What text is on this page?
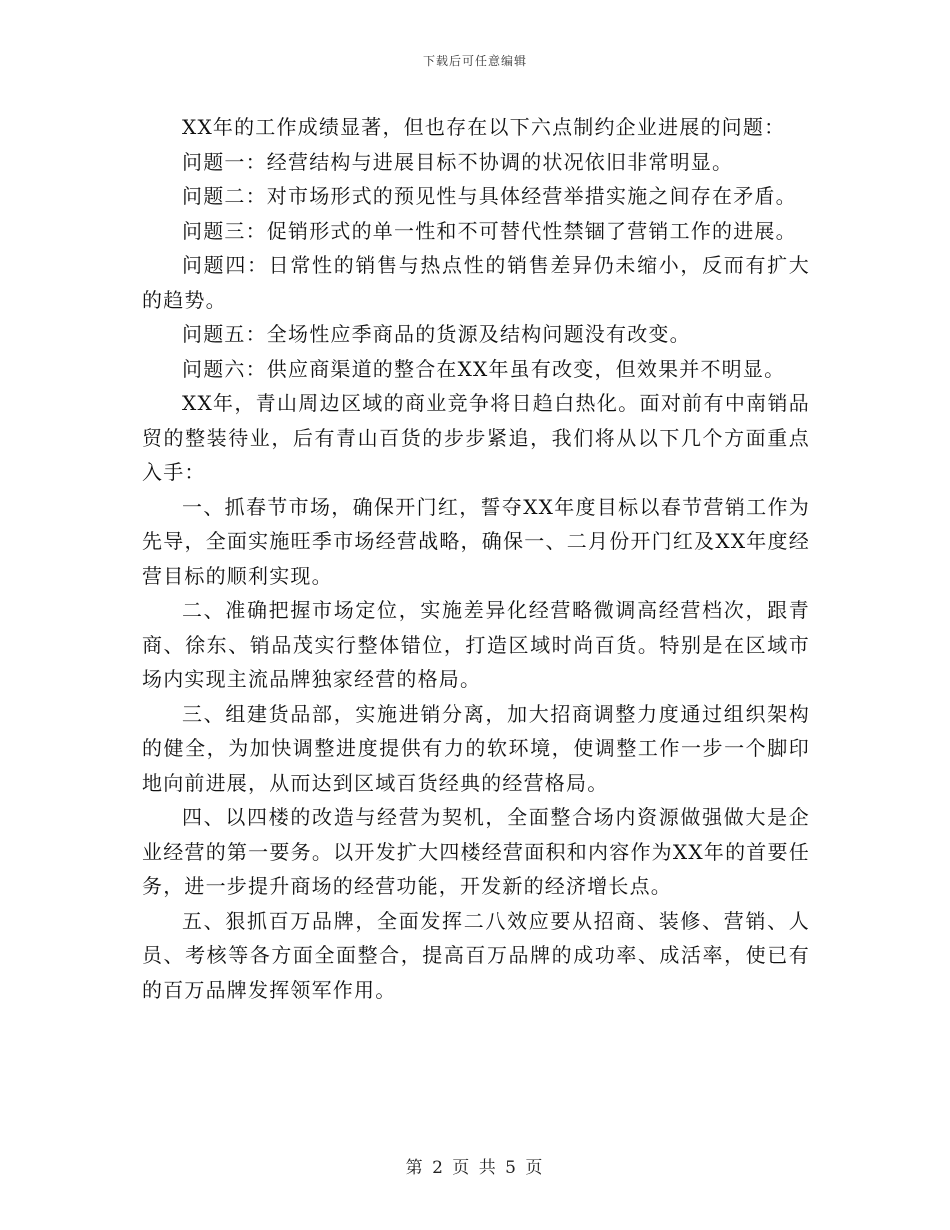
下载后可任意编辑

XX年的工作成绩显著，但也存在以下六点制约企业进展的问题：

问题一：经营结构与进展目标不协调的状况依旧非常明显。

问题二：对市场形式的预见性与具体经营举措实施之间存在矛盾。

问题三：促销形式的单一性和不可替代性禁锢了营销工作的进展。

问题四：日常性的销售与热点性的销售差异仍未缩小，反而有扩大的趋势。

问题五：全场性应季商品的货源及结构问题没有改变。

问题六：供应商渠道的整合在XX年虽有改变，但效果并不明显。

XX年，青山周边区域的商业竞争将日趋白热化。面对前有中南销品贸的整装待业，后有青山百货的步步紧追，我们将从以下几个方面重点入手：

一、抓春节市场，确保开门红，誓夺XX年度目标以春节营销工作为先导，全面实施旺季市场经营战略，确保一、二月份开门红及XX年度经营目标的顺利实现。

二、准确把握市场定位，实施差异化经营略微调高经营档次，跟青商、徐东、销品茂实行整体错位，打造区域时尚百货。特别是在区域市场内实现主流品牌独家经营的格局。

三、组建货品部，实施进销分离，加大招商调整力度通过组织架构的健全，为加快调整进度提供有力的软环境，使调整工作一步一个脚印地向前进展，从而达到区域百货经典的经营格局。

四、以四楼的改造与经营为契机，全面整合场内资源做强做大是企业经营的第一要务。以开发扩大四楼经营面积和内容作为XX年的首要任务，进一步提升商场的经营功能，开发新的经济增长点。

五、狠抓百万品牌，全面发挥二八效应要从招商、装修、营销、人员、考核等各方面全面整合，提高百万品牌的成功率、成活率，使已有的百万品牌发挥领军作用。

第 2 页 共 5 页
